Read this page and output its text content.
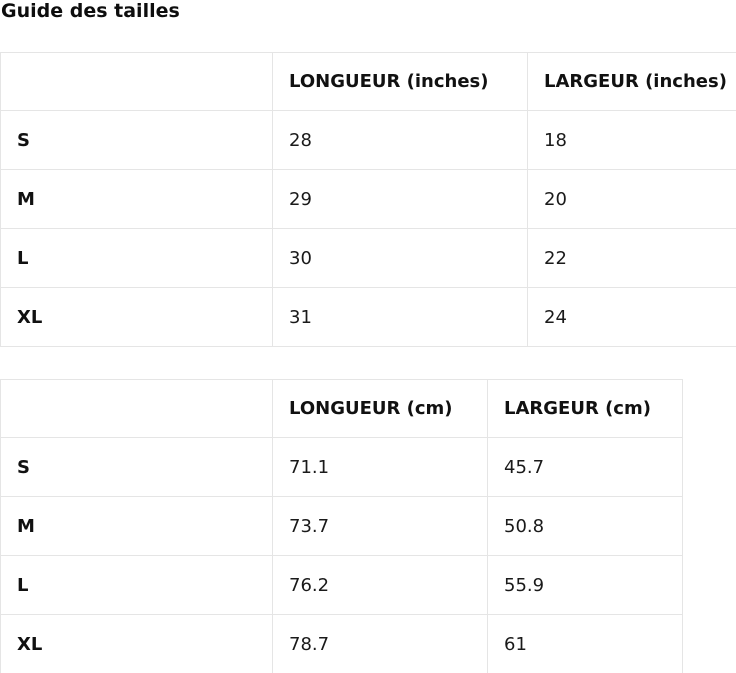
Guide des tailles
	LONGUEUR (inches)	LARGEUR (inches)
S	28	18
M	29	20
L	30	22
XL	31	24
	LONGUEUR (cm)	LARGEUR (cm)
S	71.1	45.7
M	73.7	50.8
L	76.2	55.9
XL	78.7	61
